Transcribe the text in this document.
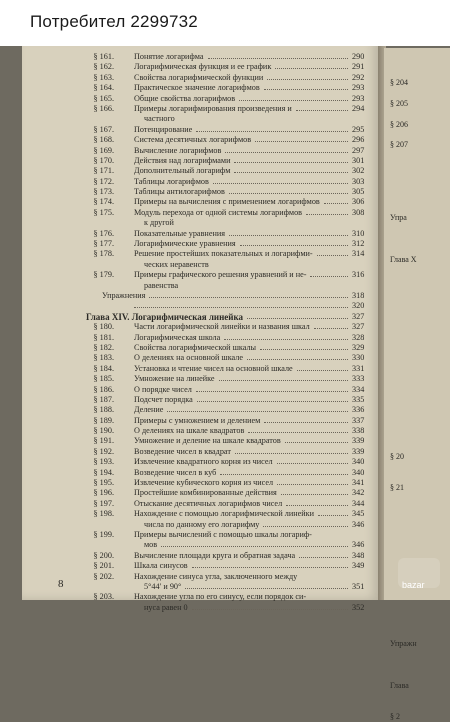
§ 161. Понятие логарифма	290
§ 162. Логарифмическая функция и ее график	291
§ 163. Свойства логарифмической функции	292
§ 164. Практическое значение логарифмов	293
§ 165. Общие свойства логарифмов	293
§ 166. Примеры логарифмирования произведения и	294
частного
§ 167. Потенцирование	295
§ 168. Система десятичных логарифмов	296
§ 169. Вычисление логарифмов	297
§ 170. Действия над логарифмами	301
§ 171. Дополнительный логарифм	302
§ 172. Таблицы логарифмов	303
§ 173. Таблицы антилогарифмов	305
§ 174. Примеры на вычисления с применением логарифмов	306
§ 175. Модуль перехода от одной системы логарифмов	308
к другой
§ 176. Показательные уравнения	310
§ 177. Логарифмические уравнения	312
§ 178. Решение простейших показательных и логарифми-	314
ческих неравенств
§ 179. Примеры графического решения уравнений и не-	316
равенства
Упражнения	318
320
Глава XIV. Логарифмическая линейка	327
§ 180. Части логарифмической линейки и названия шкал	327
§ 181. Логарифмическая школа	328
§ 182. Свойства логарифмической шкалы	329
§ 183. О делениях на основной шкале	330
§ 184. Установка и чтение чисел на основной шкале	331
§ 185. Умножение на линейке	333
§ 186. О порядке чисел	334
§ 187. Подсчет порядка	335
§ 188. Деление	336
§ 189. Примеры с умножением и делением	337
§ 190. О делениях на шкале квадратов	338
§ 191. Умножение и деление на шкале квадратов	339
§ 192. Возведение чисел в квадрат	339
§ 193. Извлечение квадратного корня из чисел	340
§ 194. Возведение чисел в куб	340
§ 195. Извлечение кубического корня из чисел	341
§ 196. Простейшие комбинированные действия	342
§ 197. Отыскание десятичных логарифмов чисел	344
§ 198. Нахождение с помощью логарифмической линейки	345
числа по данному его логарифму	346
§ 199. Примеры вычислений с помощью шкалы логариф-
мов	346
§ 200. Вычисление площади круга и обратная задача	348
§ 201. Шкала синусов	349
§ 202. Нахождение синуса угла, заключенного между
5°44′ и 90°	351
§ 203. Нахождение угла по его синусу, если порядок си-
нуса равен 0	352
8
§ 204
§ 205
§ 206
§ 207
Упра
Глава Х
§ 20
§ 21
Упражн
Глава
§ 2
Потребител 2299732
bazar
